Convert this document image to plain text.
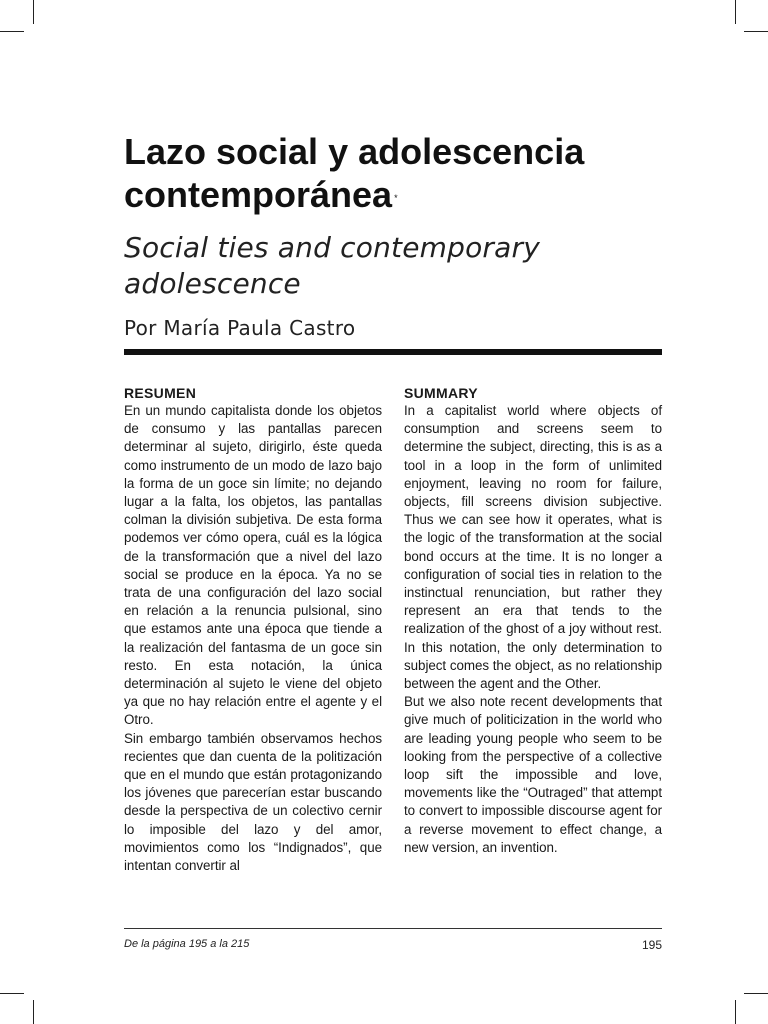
Lazo social y adolescencia contemporánea *
Social ties and contemporary adolescence
Por María Paula Castro
RESUMEN

En un mundo capitalista donde los objetos de consumo y las pantallas parecen determinar al sujeto, dirigirlo, éste queda como instrumento de un modo de lazo bajo la forma de un goce sin límite; no dejando lugar a la falta, los objetos, las pantallas colman la división subjetiva. De esta forma podemos ver cómo opera, cuál es la lógica de la transformación que a nivel del lazo social se produce en la época. Ya no se trata de una configuración del lazo social en relación a la renuncia pulsional, sino que estamos ante una época que tiende a la realización del fantasma de un goce sin resto. En esta notación, la única determinación al sujeto le viene del objeto ya que no hay relación entre el agente y el Otro.

Sin embargo también observamos hechos recientes que dan cuenta de la politización que en el mundo que están protagonizando los jóvenes que parecerían estar buscando desde la perspectiva de un colectivo cernir lo imposible del lazo y del amor, movimientos como los “Indignados”, que intentan convertir al

SUMMARY

In a capitalist world where objects of consumption and screens seem to determine the subject, directing, this is as a tool in a loop in the form of unlimited enjoyment, leaving no room for failure, objects, fill screens division subjective. Thus we can see how it operates, what is the logic of the transformation at the social bond occurs at the time. It is no longer a configuration of social ties in relation to the instinctual renunciation, but rather they represent an era that tends to the realization of the ghost of a joy without rest. In this notation, the only determination to subject comes the object, as no relationship between the agent and the Other.

But we also note recent developments that give much of politicization in the world who are leading young people who seem to be looking from the perspective of a collective loop sift the impossible and love, movements like the “Outraged” that attempt to convert to impossible discourse agent for a reverse movement to effect change, a new version, an invention.

De la página 195 a la 215	195
